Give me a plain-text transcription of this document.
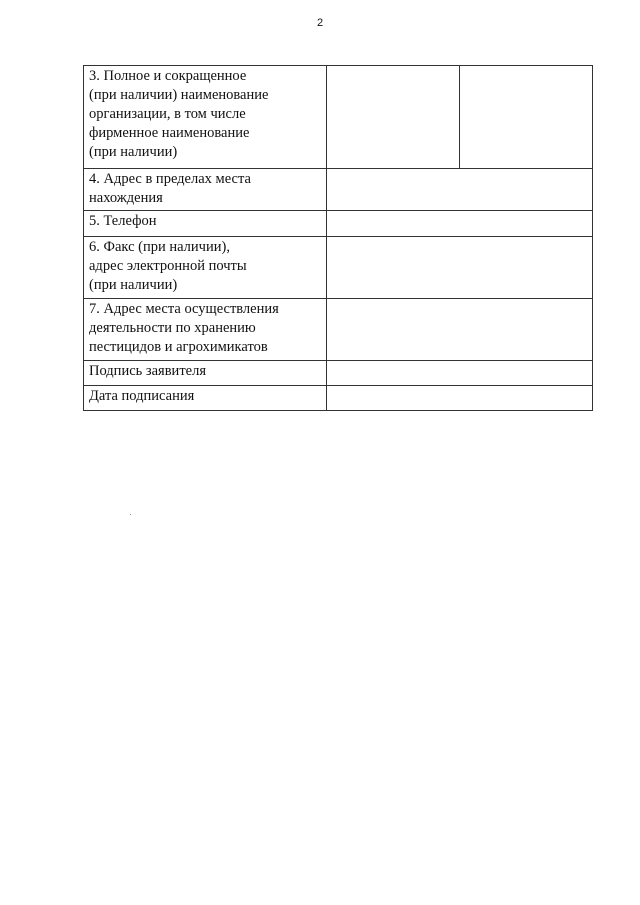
2
3. Полное и сокращенное
(при наличии) наименование
организации, в том числе
фирменное наименование
(при наличии)	

4. Адрес в пределах места
нахождения	

5. Телефон	

6. Факс (при наличии),
адрес электронной почты
(при наличии)	

7. Адрес места осуществления
деятельности по хранению
пестицидов и агрохимикатов	

Подпись заявителя	

Дата подписания	
